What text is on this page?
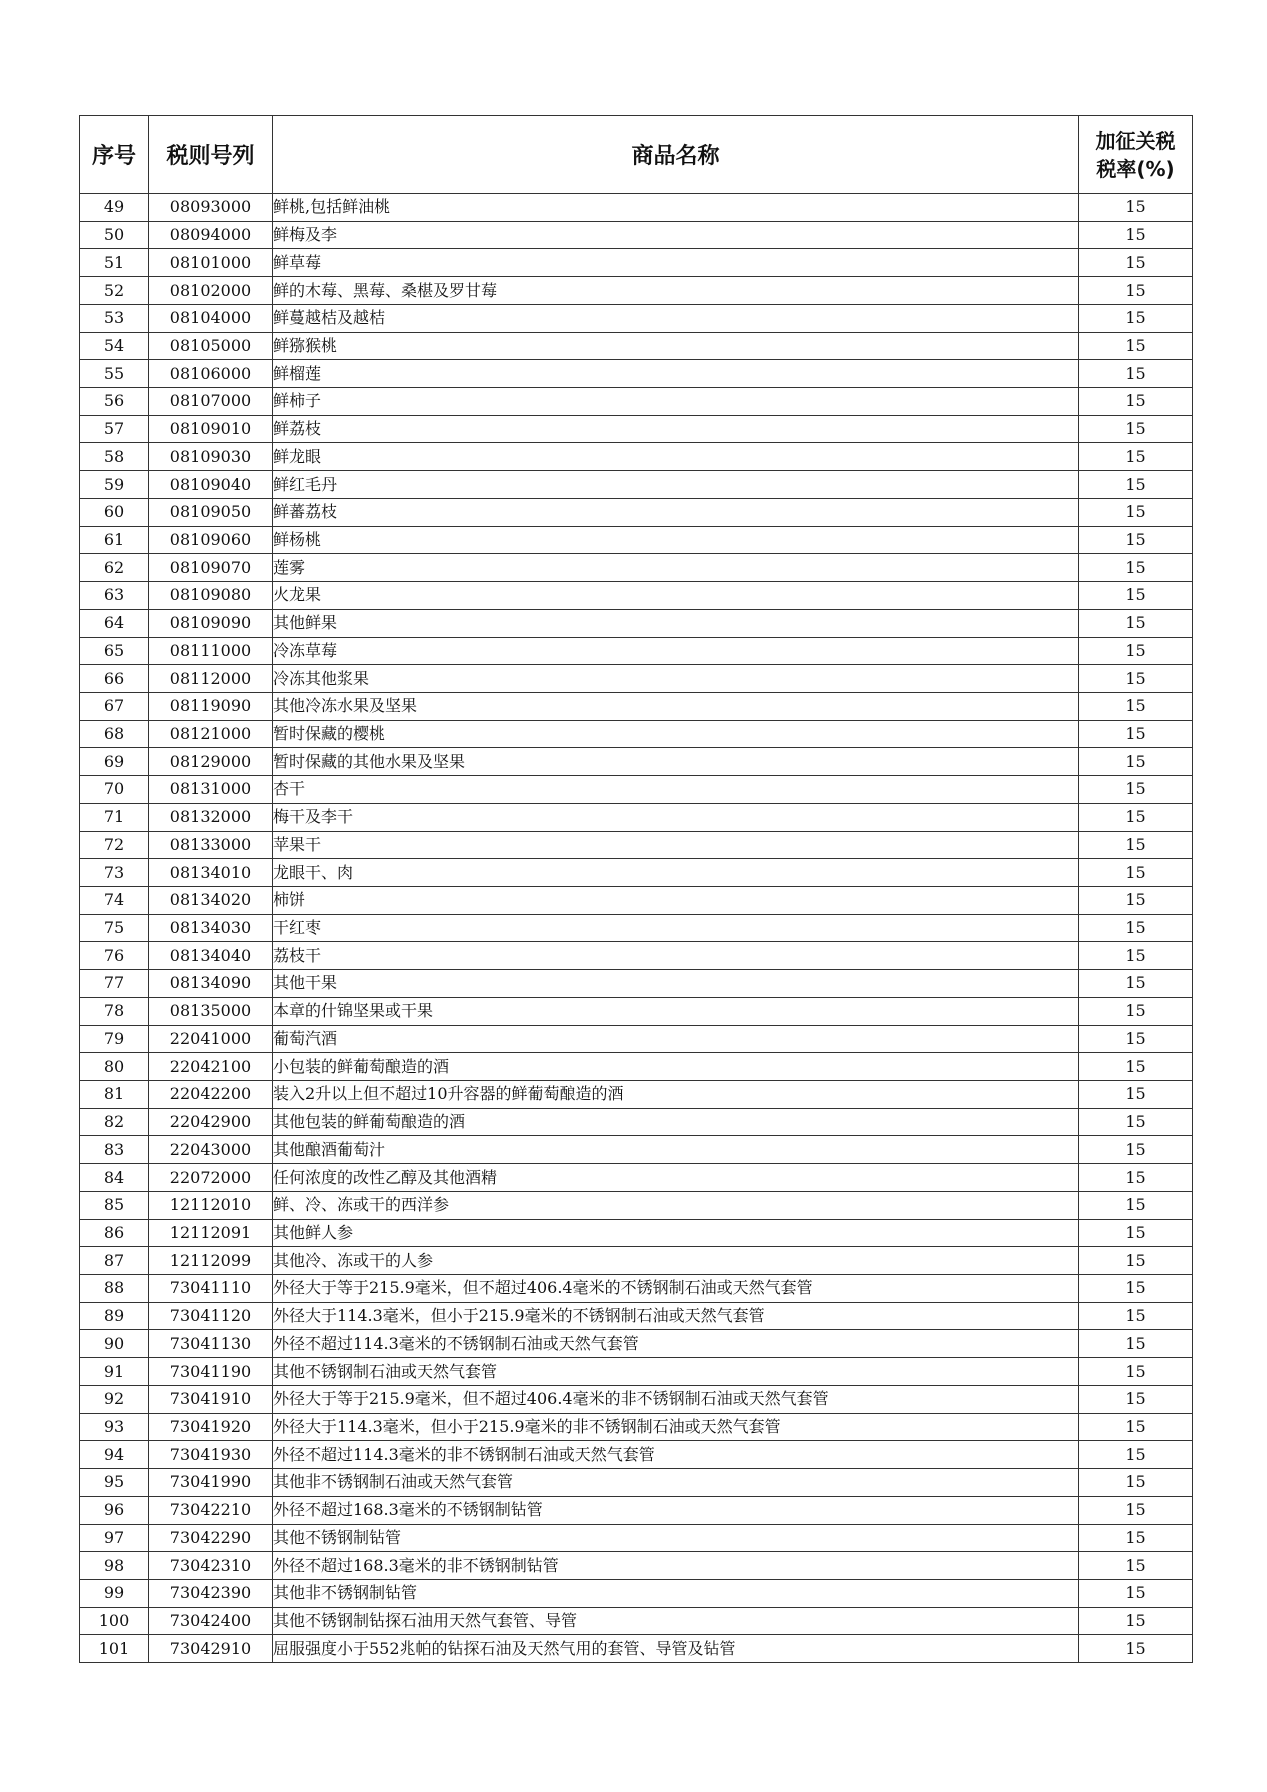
序号	税则号列	商品名称	加征关税
税率(%)
49	08093000	鲜桃,包括鲜油桃	15
50	08094000	鲜梅及李	15
51	08101000	鲜草莓	15
52	08102000	鲜的木莓、黑莓、桑椹及罗甘莓	15
53	08104000	鲜蔓越桔及越桔	15
54	08105000	鲜猕猴桃	15
55	08106000	鲜榴莲	15
56	08107000	鲜柿子	15
57	08109010	鲜荔枝	15
58	08109030	鲜龙眼	15
59	08109040	鲜红毛丹	15
60	08109050	鲜蕃荔枝	15
61	08109060	鲜杨桃	15
62	08109070	莲雾	15
63	08109080	火龙果	15
64	08109090	其他鲜果	15
65	08111000	冷冻草莓	15
66	08112000	冷冻其他浆果	15
67	08119090	其他冷冻水果及坚果	15
68	08121000	暂时保藏的樱桃	15
69	08129000	暂时保藏的其他水果及坚果	15
70	08131000	杏干	15
71	08132000	梅干及李干	15
72	08133000	苹果干	15
73	08134010	龙眼干、肉	15
74	08134020	柿饼	15
75	08134030	干红枣	15
76	08134040	荔枝干	15
77	08134090	其他干果	15
78	08135000	本章的什锦坚果或干果	15
79	22041000	葡萄汽酒	15
80	22042100	小包装的鲜葡萄酿造的酒	15
81	22042200	装入2升以上但不超过10升容器的鲜葡萄酿造的酒	15
82	22042900	其他包装的鲜葡萄酿造的酒	15
83	22043000	其他酿酒葡萄汁	15
84	22072000	任何浓度的改性乙醇及其他酒精	15
85	12112010	鲜、冷、冻或干的西洋参	15
86	12112091	其他鲜人参	15
87	12112099	其他冷、冻或干的人参	15
88	73041110	外径大于等于215.9毫米，但不超过406.4毫米的不锈钢制石油或天然气套管	15
89	73041120	外径大于114.3毫米，但小于215.9毫米的不锈钢制石油或天然气套管	15
90	73041130	外径不超过114.3毫米的不锈钢制石油或天然气套管	15
91	73041190	其他不锈钢制石油或天然气套管	15
92	73041910	外径大于等于215.9毫米，但不超过406.4毫米的非不锈钢制石油或天然气套管	15
93	73041920	外径大于114.3毫米，但小于215.9毫米的非不锈钢制石油或天然气套管	15
94	73041930	外径不超过114.3毫米的非不锈钢制石油或天然气套管	15
95	73041990	其他非不锈钢制石油或天然气套管	15
96	73042210	外径不超过168.3毫米的不锈钢制钻管	15
97	73042290	其他不锈钢制钻管	15
98	73042310	外径不超过168.3毫米的非不锈钢制钻管	15
99	73042390	其他非不锈钢制钻管	15
100	73042400	其他不锈钢制钻探石油用天然气套管、导管	15
101	73042910	屈服强度小于552兆帕的钻探石油及天然气用的套管、导管及钻管	15
